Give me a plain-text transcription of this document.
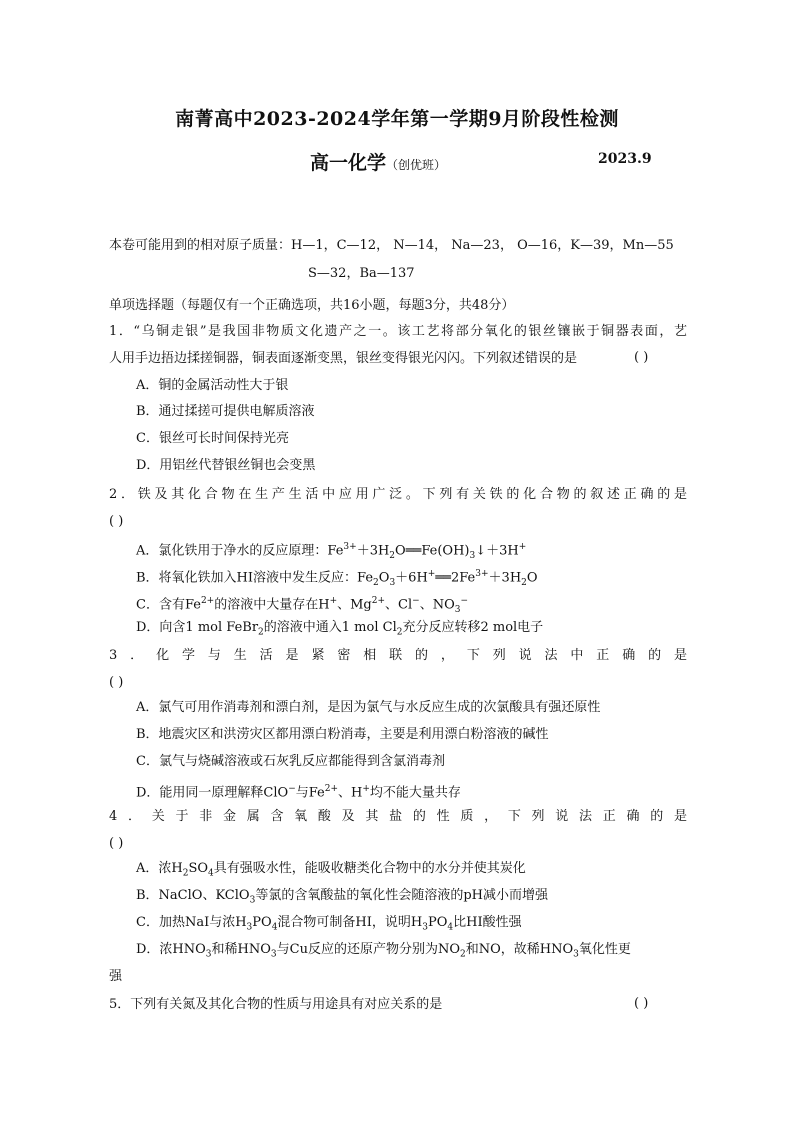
南菁高中2023-2024学年第一学期9月阶段性检测
高一化学（创优班）	2023.9
本卷可能用到的相对原子质量：H—1，C—12， N—14， Na—23， O—16，K—39，Mn—55
S—32，Ba—137
单项选择题（每题仅有一个正确选项，共16小题，每题3分，共48分）
1．“乌铜走银”是我国非物质文化遗产之一。该工艺将部分氧化的银丝镶嵌于铜器表面，艺
人用手边捂边揉搓铜器，铜表面逐渐变黑，银丝变得银光闪闪。下列叙述错误的是	( )
A．铜的金属活动性大于银
B．通过揉搓可提供电解质溶液
C．银丝可长时间保持光亮
D．用铝丝代替银丝铜也会变黑
2．铁及其化合物在生产生活中应用广泛。下列有关铁的化合物的叙述正确的是
( )
A．氯化铁用于净水的反应原理：$Fe^{3+}+3H_2O══Fe(OH)_3↓+3H^+$
B．将氧化铁加入HI溶液中发生反应：$Fe_2O_3+6H^+══2Fe^{3+}+3H_2O$
C．含有$Fe^{2+}$的溶液中大量存在H+、$Mg^{2+}$、Cl−、$NO_3^-$
D．向含1 mol FeBr$_2$的溶液中通入1 mol $Cl_2$充分反应转移2 mol电子
3．化学与生活是紧密相联的，下列说法中正确的是
( )
A．氯气可用作消毒剂和漂白剂，是因为氯气与水反应生成的次氯酸具有强还原性
B．地震灾区和洪涝灾区都用漂白粉消毒，主要是利用漂白粉溶液的碱性
C．氯气与烧碱溶液或石灰乳反应都能得到含氯消毒剂
D．能用同一原理解释ClO−与$Fe^{2+}$、H+均不能大量共存
4．关于非金属含氧酸及其盐的性质，下列说法正确的是
( )
A．浓$H_2SO_4$具有强吸水性，能吸收糖类化合物中的水分并使其炭化
B．NaClO、KClO$_3$等氯的含氧酸盐的氧化性会随溶液的pH减小而增强
C．加热NaI与浓$H_3PO_4$混合物可制备HI，说明$H_3PO_4$比HI酸性强
D．浓$HNO_3$和稀$HNO_3$与Cu反应的还原产物分别为$NO_2$和NO，故稀$HNO_3$氧化性更
强
5．下列有关氮及其化合物的性质与用途具有对应关系的是	( )
